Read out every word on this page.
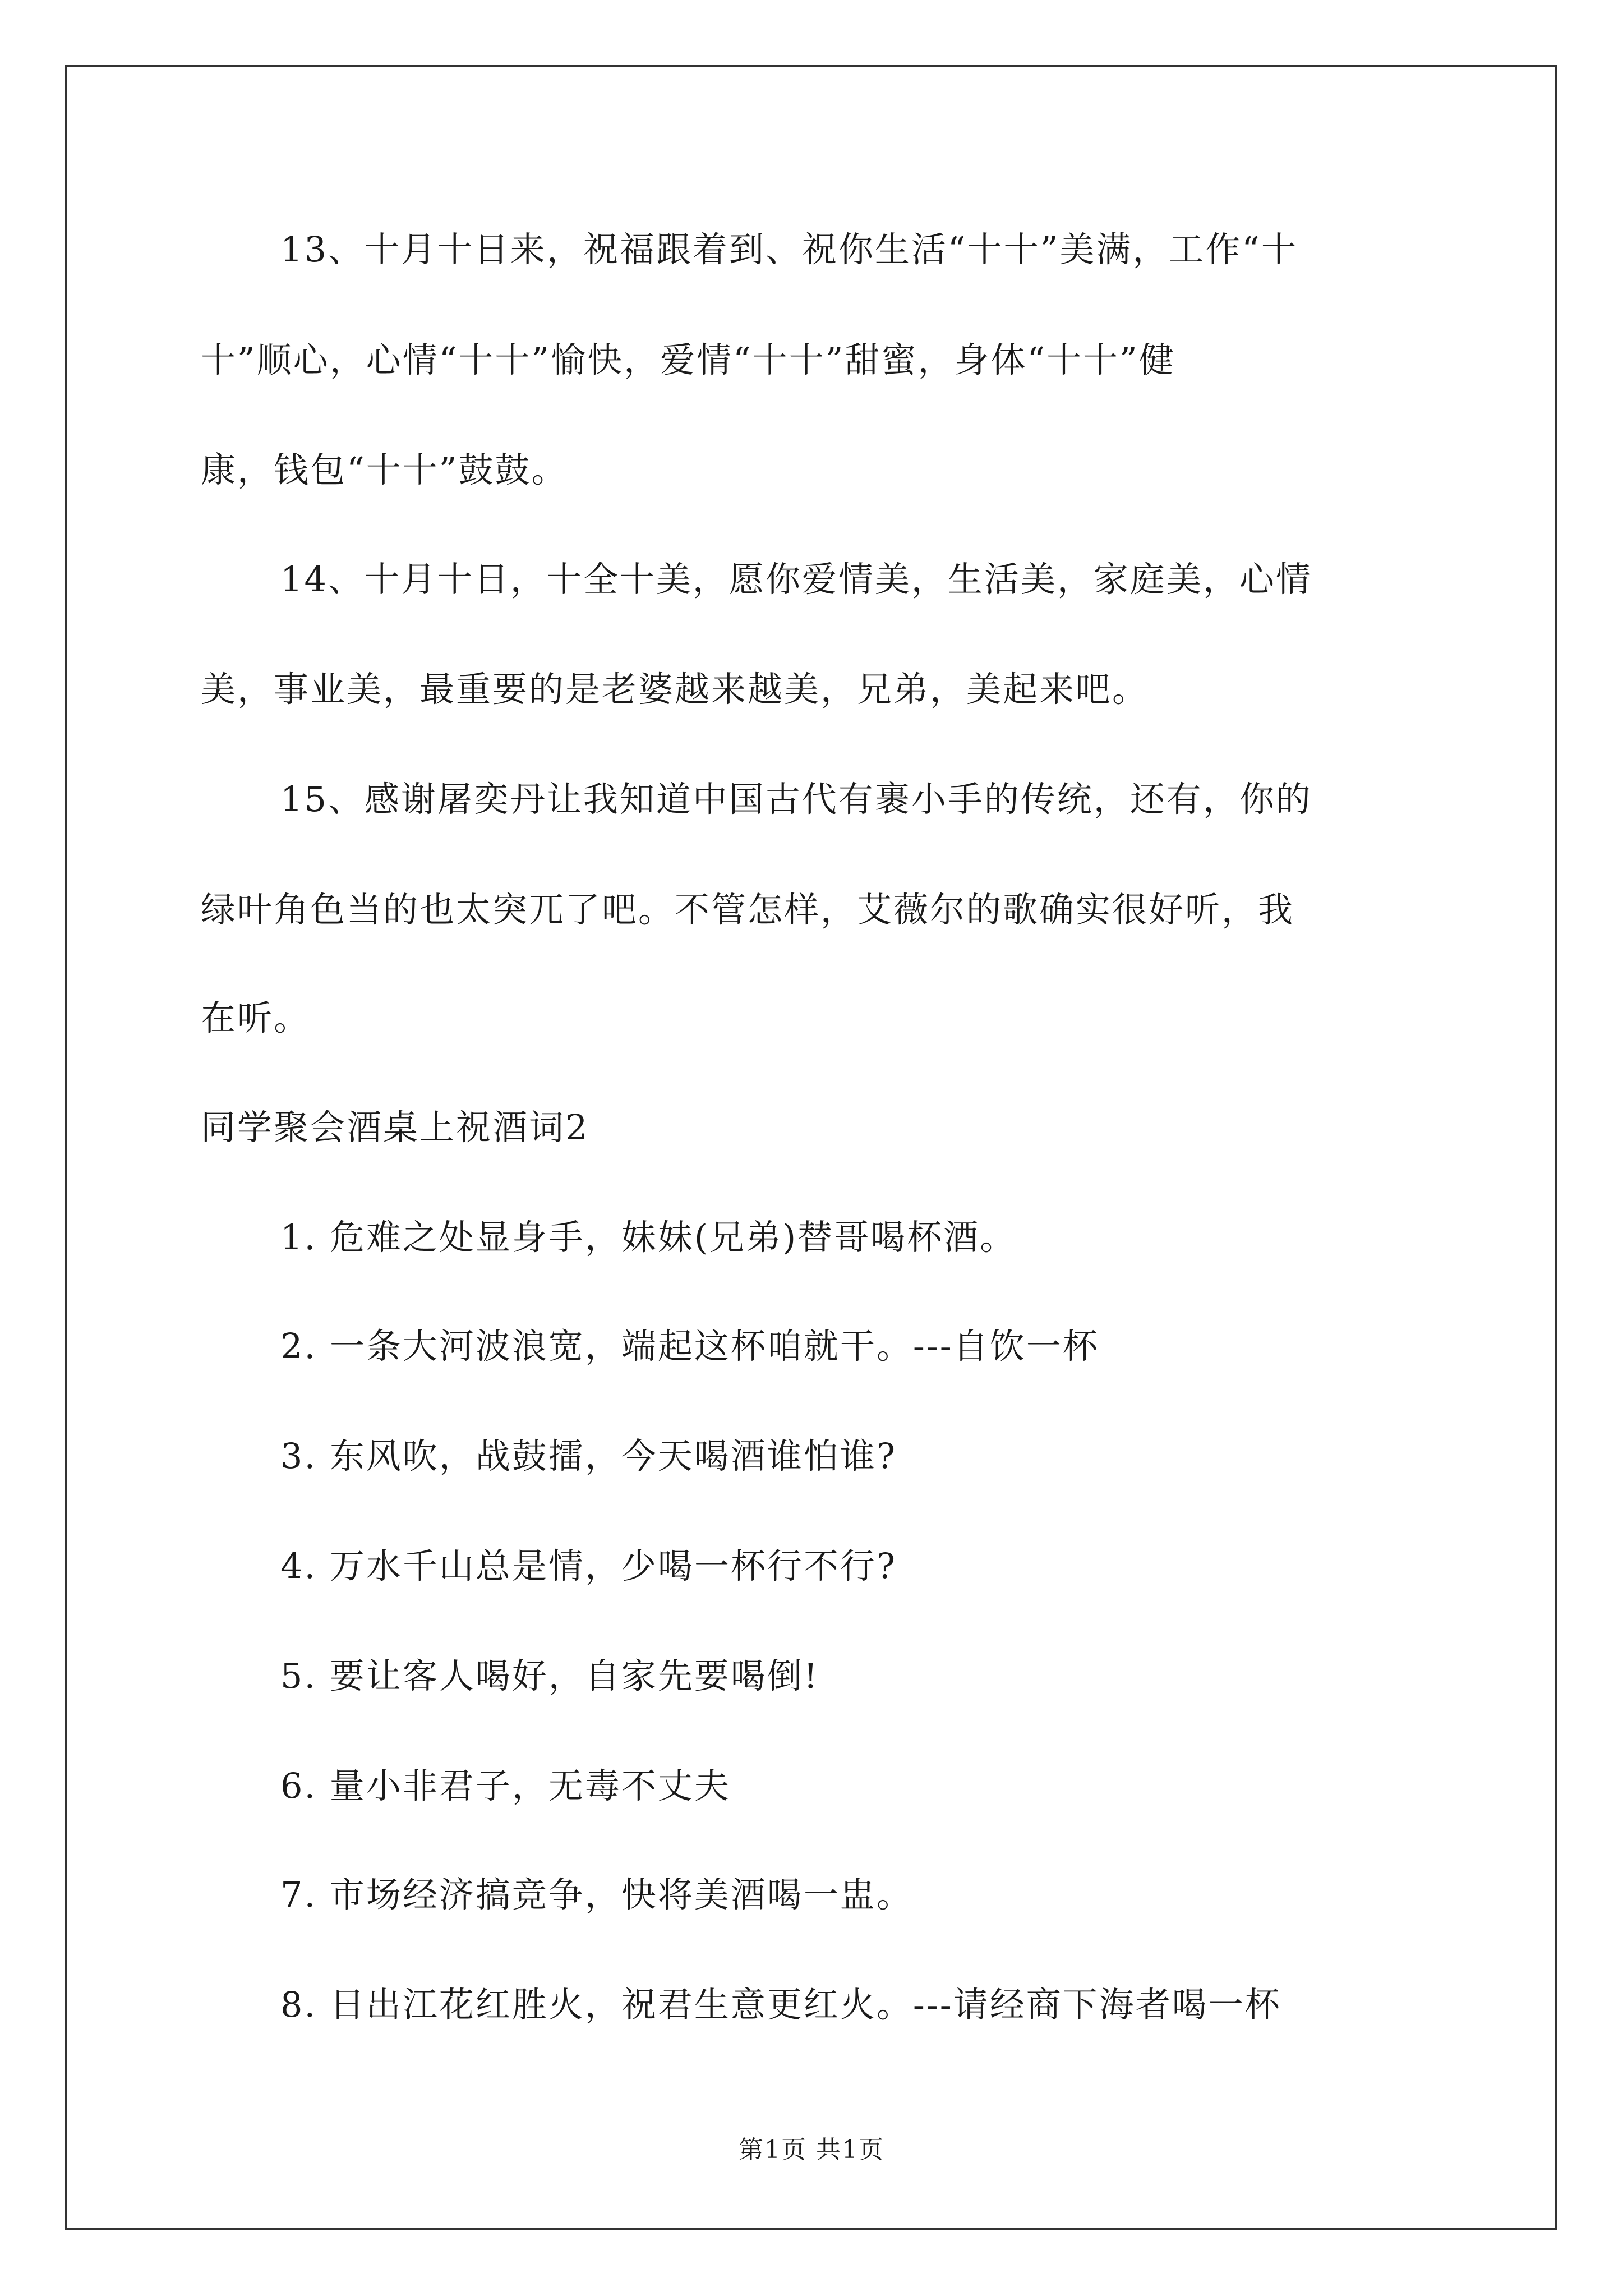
13、十月十日来，祝福跟着到、祝你生活“十十”美满，工作“十
十”顺心，心情“十十”愉快，爱情“十十”甜蜜，身体“十十”健
康，钱包“十十”鼓鼓。
14、十月十日，十全十美，愿你爱情美，生活美，家庭美，心情
美，事业美，最重要的是老婆越来越美，兄弟，美起来吧。
15、感谢屠奕丹让我知道中国古代有裹小手的传统，还有，你的
绿叶角色当的也太突兀了吧。不管怎样，艾薇尔的歌确实很好听，我
在听。
同学聚会酒桌上祝酒词2
1. 危难之处显身手，妹妹(兄弟)替哥喝杯酒。
2. 一条大河波浪宽，端起这杯咱就干。---自饮一杯
3. 东风吹，战鼓擂，今天喝酒谁怕谁?
4. 万水千山总是情，少喝一杯行不行?
5. 要让客人喝好，自家先要喝倒!
6. 量小非君子，无毒不丈夫
7. 市场经济搞竞争，快将美酒喝一盅。
8. 日出江花红胜火，祝君生意更红火。---请经商下海者喝一杯
第1页 共1页
